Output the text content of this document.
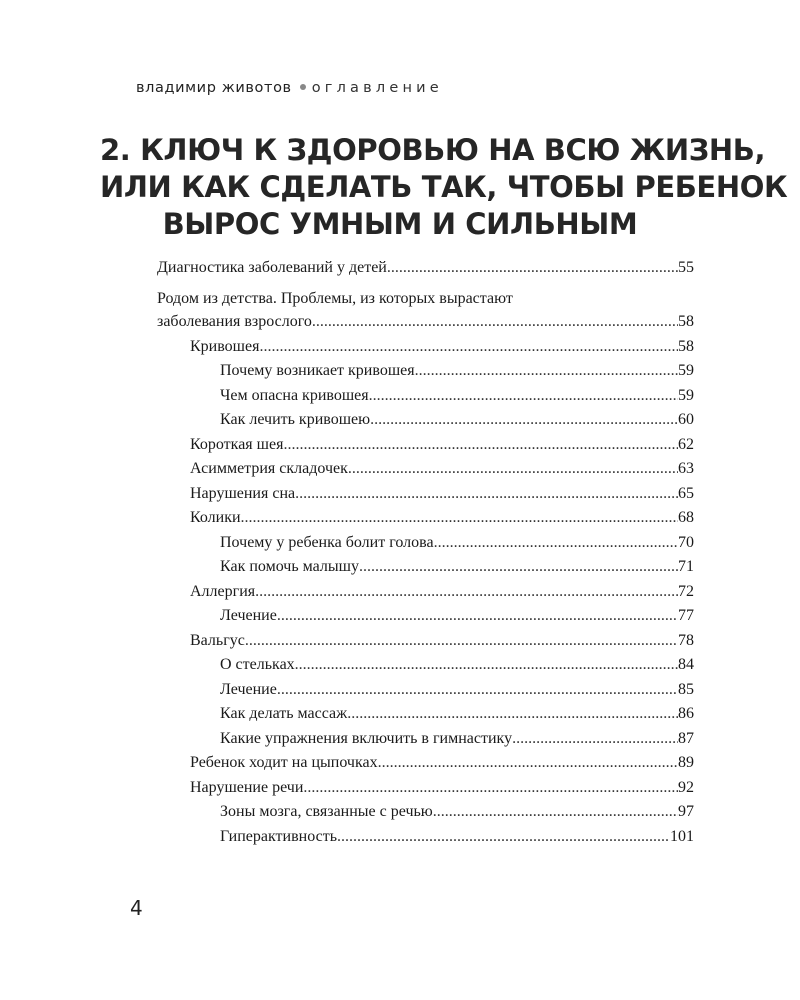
владимир животов оглавление
2. КЛЮЧ К ЗДОРОВЬЮ НА ВСЮ ЖИЗНЬ,
ИЛИ КАК СДЕЛАТЬ ТАК, ЧТОБЫ РЕБЕНОК
ВЫРОС УМНЫМ И СИЛЬНЫМ
Диагностика заболеваний у детей .....	55
Родом из детства. Проблемы, из которых вырастают
заболевания взрослого .....	58
Кривошея .....	58
Почему возникает кривошея .....	59
Чем опасна кривошея .....	59
Как лечить кривошею .....	60
Короткая шея .....	62
Асимметрия складочек .....	63
Нарушения сна .....	65
Колики .....	68
Почему у ребенка болит голова .....	70
Как помочь малышу .....	71
Аллергия .....	72
Лечение .....	77
Вальгус .....	78
О стельках .....	84
Лечение .....	85
Как делать массаж .....	86
Какие упражнения включить в гимнастику .....	87
Ребенок ходит на цыпочках .....	89
Нарушение речи .....	92
Зоны мозга, связанные с речью .....	97
Гиперактивность .....	101
4
